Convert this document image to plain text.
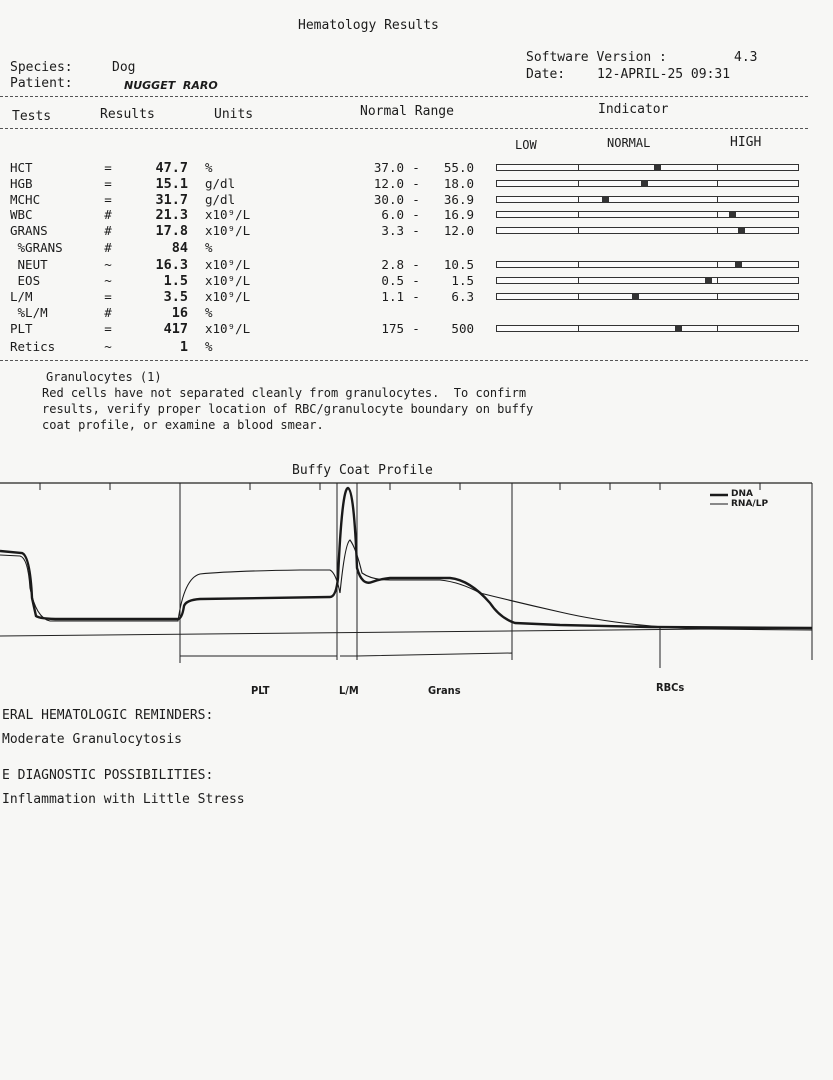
Hematology Results
Species:	Dog
Patient:	NUGGET  RARO
Software Version :	4.3
Date: 12-APRIL-25 09:31
Tests	Results	Units	Normal Range	Indicator
LOW	NORMAL	HIGH
HCT	=	47.7 %	37.0 -	55.0
HGB	=	15.1 g/dl	12.0 -	18.0
MCHC	=	31.7 g/dl	30.0 -	36.9
WBC	#	21.3 x10⁹/L	6.0 -	16.9
GRANS	#	17.8 x10⁹/L	3.3 -	12.0
%GRANS	#	84 %
NEUT	~	16.3 x10⁹/L	2.8 -	10.5
EOS	~	1.5 x10⁹/L	0.5 -	1.5
L/M	=	3.5 x10⁹/L	1.1 -	6.3
%L/M	#	16 %
PLT	=	417 x10⁹/L	175 -	500
Retics	~	1 %
Granulocytes (1)
Red cells have not separated cleanly from granulocytes.  To confirm
results, verify proper location of RBC/granulocyte boundary on buffy
coat profile, or examine a blood smear.
Buffy Coat Profile
DNA
RNA/LP
PLT	L/M	Grans	RBCs
ERAL HEMATOLOGIC REMINDERS:
Moderate Granulocytosis
E DIAGNOSTIC POSSIBILITIES:
Inflammation with Little Stress
